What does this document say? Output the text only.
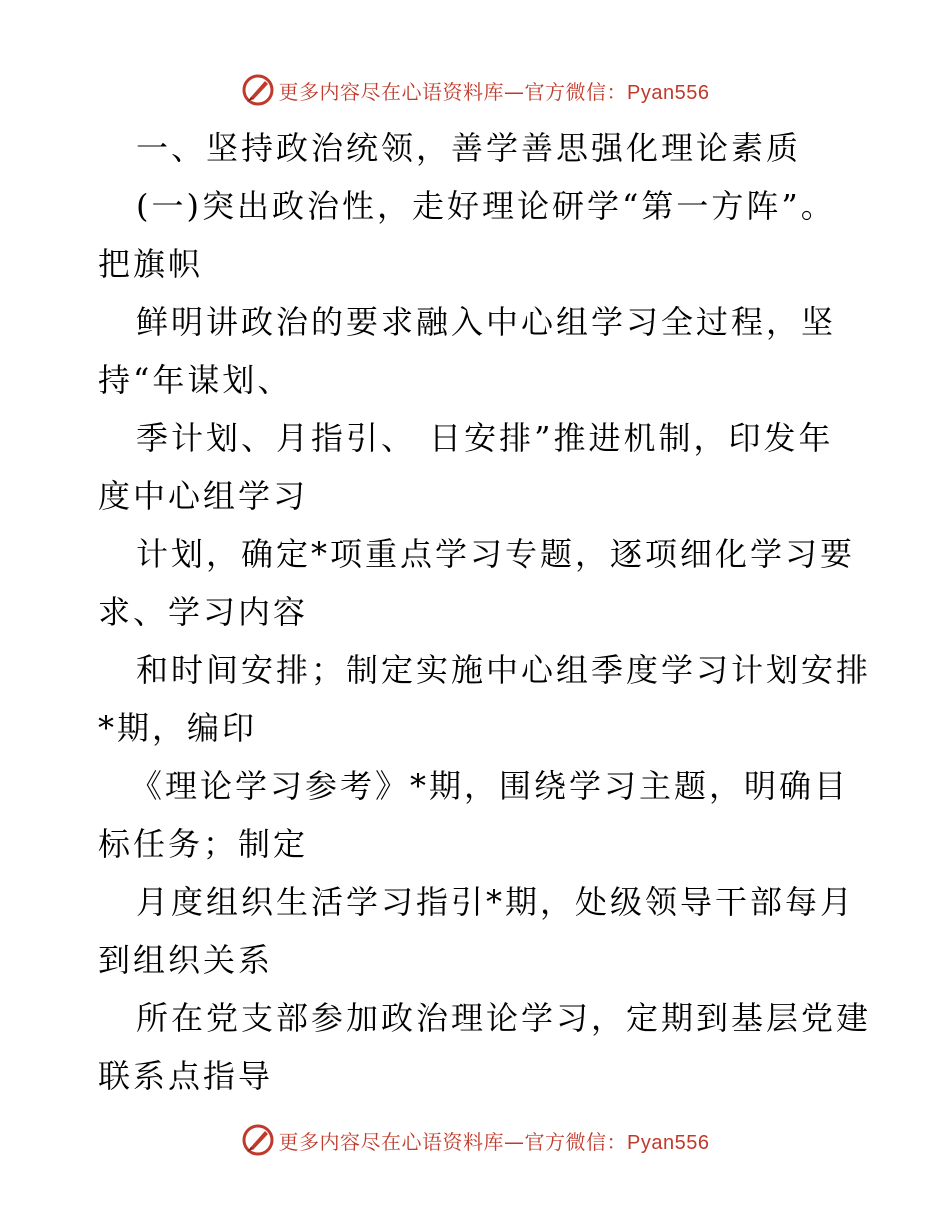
更多内容尽在心语资料库—官方微信：Pyan556
一、坚持政治统领，善学善思强化理论素质
(一)突出政治性，走好理论研学“第一方阵”。
把旗帜
鲜明讲政治的要求融入中心组学习全过程，坚
持“年谋划、
季计划、月指引、 日安排”推进机制，印发年
度中心组学习
计划，确定*项重点学习专题，逐项细化学习要
求、学习内容
和时间安排；制定实施中心组季度学习计划安排
*期，编印
《理论学习参考》*期，围绕学习主题，明确目
标任务；制定
月度组织生活学习指引*期，处级领导干部每月
到组织关系
所在党支部参加政治理论学习，定期到基层党建
联系点指导
更多内容尽在心语资料库—官方微信：Pyan556
